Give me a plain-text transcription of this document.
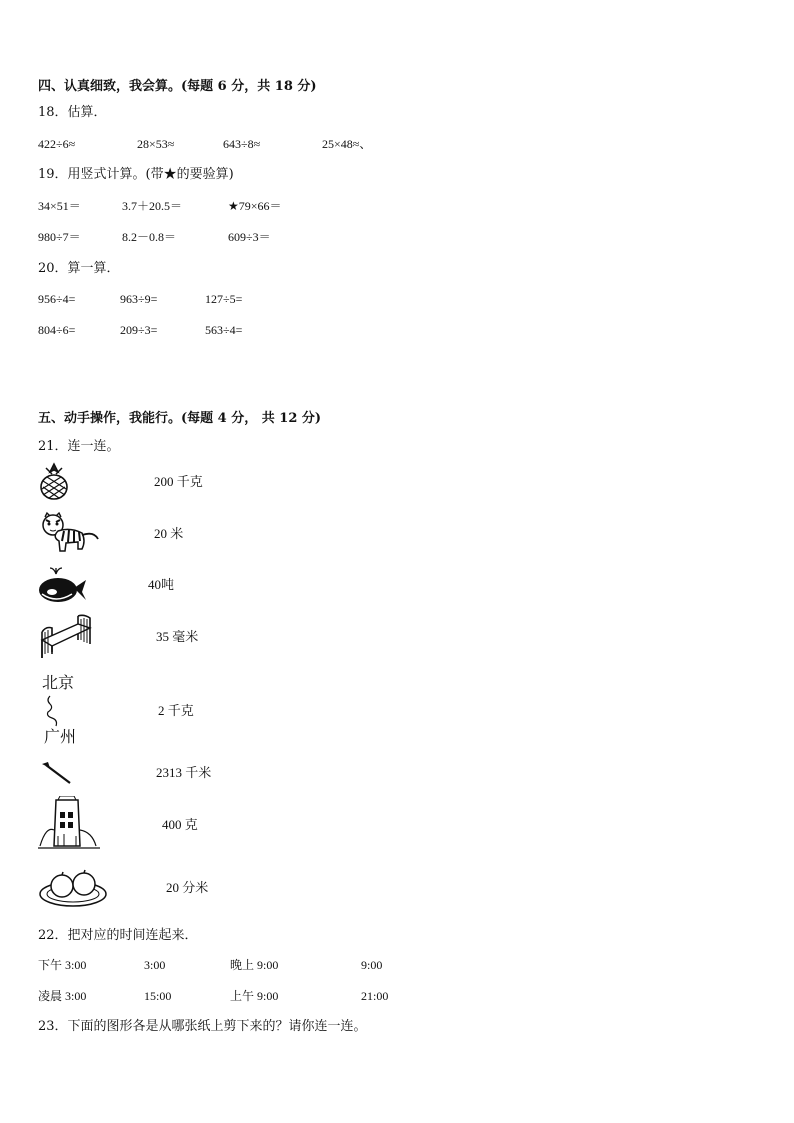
四、认真细致，我会算。(每题 6 分，共 18 分)
18．估算．
422÷6≈	28×53≈	643÷8≈	25×48≈、
19．用竖式计算。(带★的要验算)
34×51＝	3.7＋20.5＝	★79×66＝
980÷7＝	8.2－0.8＝	609÷3＝
20．算一算．
956÷4=	963÷9=	127÷5=
804÷6=	209÷3=	563÷4=
五、动手操作，我能行。(每题 4 分， 共 12 分)
21．连一连。
北京
广州
200 千克
20 米
40吨
35 毫米
2 千克
2313 千米
400 克
20 分米
22．把对应的时间连起来．
下午 3:00	3:00	晚上 9:00	9:00
凌晨 3:00	15:00	上午 9:00	21:00
23．下面的图形各是从哪张纸上剪下来的？请你连一连。
